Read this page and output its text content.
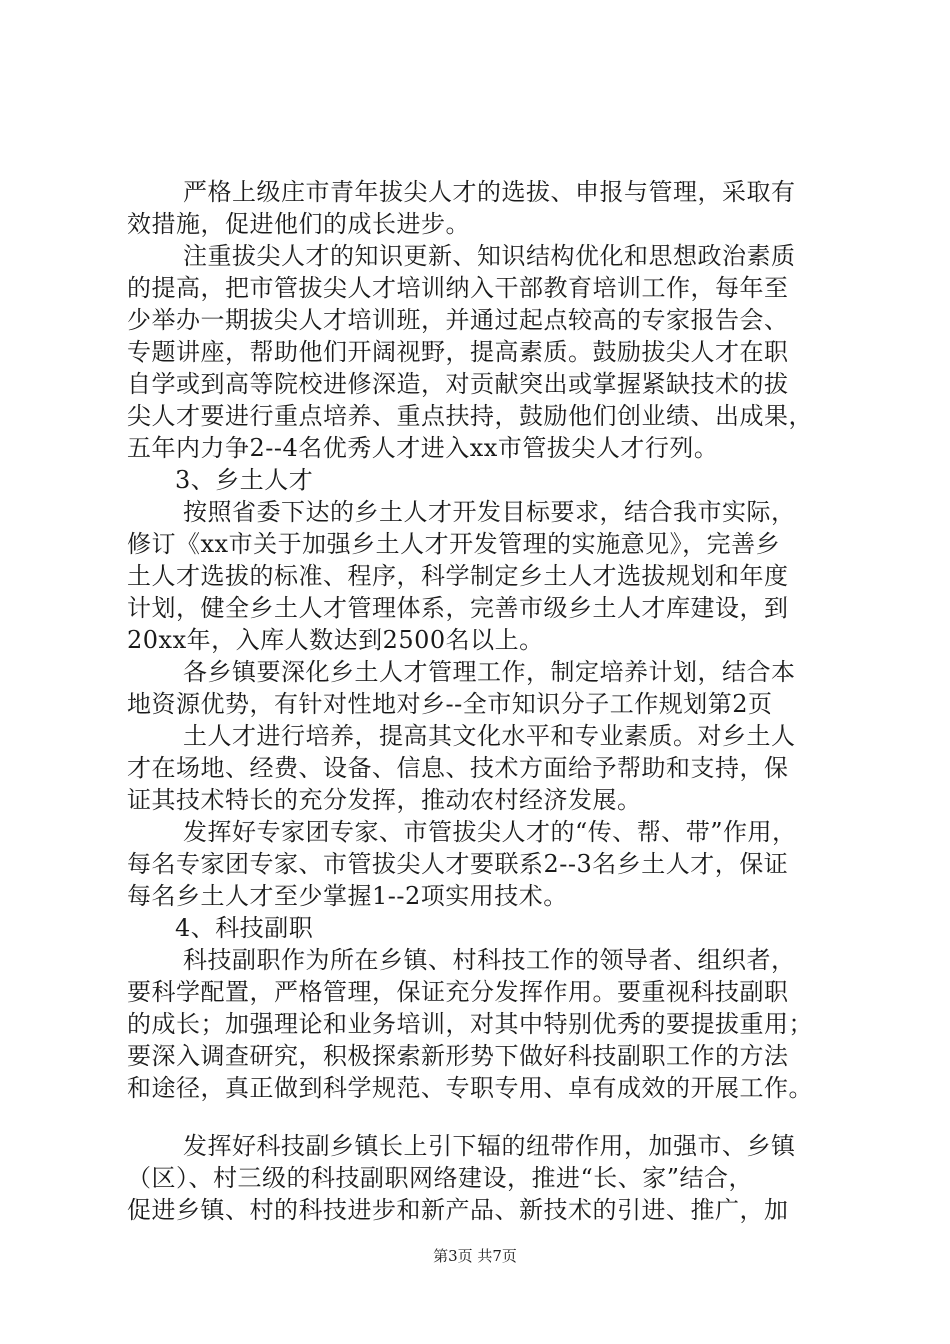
严格上级庄市青年拔尖人才的选拔、申报与管理，采取有
效措施，促进他们的成长进步。
注重拔尖人才的知识更新、知识结构优化和思想政治素质
的提高，把市管拔尖人才培训纳入干部教育培训工作，每年至
少举办一期拔尖人才培训班，并通过起点较高的专家报告会、
专题讲座，帮助他们开阔视野，提高素质。鼓励拔尖人才在职
自学或到高等院校进修深造，对贡献突出或掌握紧缺技术的拔
尖人才要进行重点培养、重点扶持，鼓励他们创业绩、出成果，
五年内力争2--4名优秀人才进入xx市管拔尖人才行列。
3、乡土人才
按照省委下达的乡土人才开发目标要求，结合我市实际，
修订《xx市关于加强乡土人才开发管理的实施意见》，完善乡
土人才选拔的标准、程序，科学制定乡土人才选拔规划和年度
计划，健全乡土人才管理体系，完善市级乡土人才库建设，到
20xx年，入库人数达到2500名以上。
各乡镇要深化乡土人才管理工作，制定培养计划，结合本
地资源优势，有针对性地对乡--全市知识分子工作规划第2页
土人才进行培养，提高其文化水平和专业素质。对乡土人
才在场地、经费、设备、信息、技术方面给予帮助和支持，保
证其技术特长的充分发挥，推动农村经济发展。
发挥好专家团专家、市管拔尖人才的“传、帮、带”作用，
每名专家团专家、市管拔尖人才要联系2--3名乡土人才，保证
每名乡土人才至少掌握1--2项实用技术。
4、科技副职
科技副职作为所在乡镇、村科技工作的领导者、组织者，
要科学配置，严格管理，保证充分发挥作用。要重视科技副职
的成长；加强理论和业务培训，对其中特别优秀的要提拔重用；
要深入调查研究，积极探索新形势下做好科技副职工作的方法
和途径，真正做到科学规范、专职专用、卓有成效的开展工作。
发挥好科技副乡镇长上引下辐的纽带作用，加强市、乡镇
（区）、村三级的科技副职网络建设，推进“长、家”结合，
促进乡镇、村的科技进步和新产品、新技术的引进、推广，加
第3页 共7页
